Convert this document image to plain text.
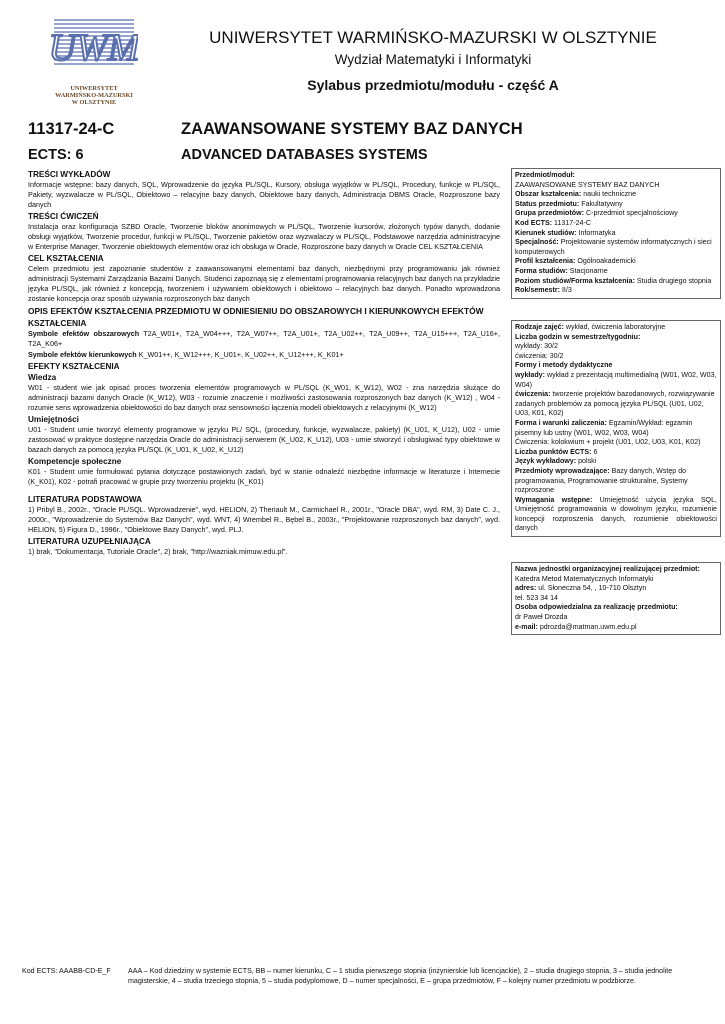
UWM
UNIWERSYTET
WARMIŃSKO-MAZURSKI
W OLSZTYNIE
UNIWERSYTET WARMIŃSKO-MAZURSKI W OLSZTYNIE
Wydział Matematyki i Informatyki
Sylabus przedmiotu/modułu - część A
11317-24-C	ZAAWANSOWANE SYSTEMY BAZ DANYCH
ECTS: 6	ADVANCED DATABASES SYSTEMS
TREŚCI WYKŁADÓW

Informacje wstępne: bazy danych, SQL, Wprowadzenie do języka PL/SQL, Kursory, obsługa wyjątków w PL/SQL, Procedury, funkcje w PL/SQL, Pakiety, wyzwalacze w PL/SQL, Obiektowo – relacyjne bazy danych, Obiektowe bazy danych, Administracja DBMS Oracle, Rozproszone bazy danych

TREŚCI ĆWICZEŃ

Instalacja oraz konfiguracja SZBD Oracle, Tworzenie bloków anonimowych w PL/SQL, Tworzenie kursorów, złożonych typów danych, dodanie obsługi wyjątków, Tworzenie procedur, funkcji w PL/SQL, Tworzenie pakietów oraz wyzwalaczy w PL/SQL, Podstawowe narzędzia administracyjne w Enterprise Manager, Tworzenie obiektowych elementów oraz ich obsługa w Oracle, Rozproszone bazy danych w Oracle CEL KSZTAŁCENIA

CEL KSZTAŁCENIA

Celem przedmiotu jest zapoznanie studentów z zaawansowanymi elementami baz danych, niezbędnymi przy programowaniu jak również administracji Systemami Zarządzania Bazami Danych. Studenci zapoznają się z elementami programowania relacyjnych baz danych na przykładzie języka PL/SQL, jak również z koncepcją, tworzeniem i używaniem obiektowych i obiektowo – relacyjnych baz danych. Ponadto wprowadzona zostanie koncepcja oraz sposób używania rozproszonych baz danych

OPIS EFEKTÓW KSZTAŁCENIA PRZEDMIOTU W ODNIESIENIU DO OBSZAROWYCH I KIERUNKOWYCH EFEKTÓW KSZTAŁCENIA

Symbole efektów obszarowych T2A_W01+, T2A_W04+++, T2A_W07++, T2A_U01+, T2A_U02++, T2A_U09++, T2A_U15+++, T2A_U16+, T2A_K06+

Symbole efektów kierunkowych K_W01++, K_W12+++, K_U01+, K_U02++, K_U12+++, K_K01+

EFEKTY KSZTAŁCENIA
Wiedza

W01 - student wie jak opisać proces tworzenia elementów programowych w PL/SQL (K_W01, K_W12), W02 - zna narzędzia służące do administracji bazami danych Oracle (K_W12), W03 - rozumie znaczenie i możliwości zastosowania rozproszonych baz danych (K_W12) , W04 - rozumie sens wprowadzenia obiektowości do baz danych oraz sensowności łączenia modeli obiektowych z relacyjnymi (K_W12)

Umiejętności

U01 - Student umie tworzyć elementy programowe w języku PL/ SQL, (procedury, funkcje, wyzwalacze, pakiety) (K_U01, K_U12), U02 - umie zastosować w praktyce dostępne narzędzia Oracle do administracji serwerem (K_U02, K_U12), U03 - umie stworzyć i obsługiwać typy obiektowe w bazach danych za pomocą języka PL/SQL (K_U01, K_U02, K_U12)

Kompetencje społeczne

K01 - Student umie formułować pytania dotyczące postawionych zadań, być w stanie odnaleźć niezbędne informacje w literaturze i Internecie (K_K01), K02 - potrafi pracować w grupie przy tworzeniu projektu (K_K01)

LITERATURA PODSTAWOWA

1) Pribyl B., 2002r., "Oracle PL/SQL. Wprowadzenie", wyd. HELION, 2) Theriault M., Carmichael R., 2001r., "Oracle DBA", wyd. RM, 3) Date C. J., 2000r., "Wprowadzenie do Systemów Baz Danych", wyd. WNT, 4) Wrembel R., Bębel B., 2003r., "Projektowanie rozproszonych baz danych", wyd. HELION, 5) Figura D., 1996r., "Obiektowe Bazy Danych", wyd. PLJ.

LITERATURA UZUPEŁNIAJĄCA

1) brak, "Dokumentacja, Tutoriale Oracle", 2) brak, "http://wazniak.mimuw.edu.pl".

Przedmiot/moduł:
ZAAWANSOWANE SYSTEMY BAZ DANYCH
Obszar kształcenia: nauki techniczne
Status przedmiotu: Fakultatywny
Grupa przedmiotów: C-przedmiot specjalnościowy
Kod ECTS: 11317-24-C
Kierunek studiów: Informatyka
Specjalność: Projektowanie systemów informatycznych i sieci komputerowych
Profil kształcenia: Ogólnoakademicki
Forma studiów: Stacjonarne
Poziom studiów/Forma kształcenia: Studia drugiego stopnia
Rok/semestr: II/3
Rodzaje zajęć: wykład, ćwiczenia laboratoryjne
Liczba godzin w semestrze/tygodniu:
wykłady: 30/2
ćwiczenia: 30/2
Formy i metody dydaktyczne
wykłady: wykład z prezentacją multimedialną (W01, W02, W03, W04)
ćwiczenia: tworzenie projektów bazodanowych, rozwiązywanie zadanych problemów za pomocą języka PL/SQL (U01, U02, U03, K01, K02)
Forma i warunki zaliczenia: Egzamin/Wykład: egzamin pisemny lub ustny (W01, W02, W03, W04)
Ćwiczenia: kolokwium + projekt (U01, U02, U03, K01, K02)
Liczba punktów ECTS: 6
Język wykładowy: polski
Przedmioty wprowadzające: Bazy danych, Wstęp do programowania, Programowanie strukturalne, Systemy rozproszone
Wymagania wstępne: Umiejętność użycia języka SQL, Umiejętność programowania w dowolnym języku, rozumienie koncepcji rozproszenia danych, rozumienie obiektowości danych
Nazwa jednostki organizacyjnej realizującej przedmiot:
Katedra Metod Matematycznych Informatyki
adres: ul. Słoneczna 54, , 10-710 Olsztyn
tel. 523 34 14
Osoba odpowiedzialna za realizację przedmiotu:
dr Paweł Drozda
e-mail: pdrozda@matman.uwm.edu.pl
Kod ECTS: AAABB-CD-E_F AAA – Kod dziedziny w systemie ECTS, BB – numer kierunku, C – 1 studia pierwszego stopnia (inżynierskie lub licencjackie), 2 – studia drugiego stopnia, 3 – studia jednolite magisterskie, 4 – studia trzeciego stopnia, 5 – studia podyplomowe, D – numer specjalności, E – grupa przedmiotów, F – kolejny numer przedmiotu w podzbiorze.
